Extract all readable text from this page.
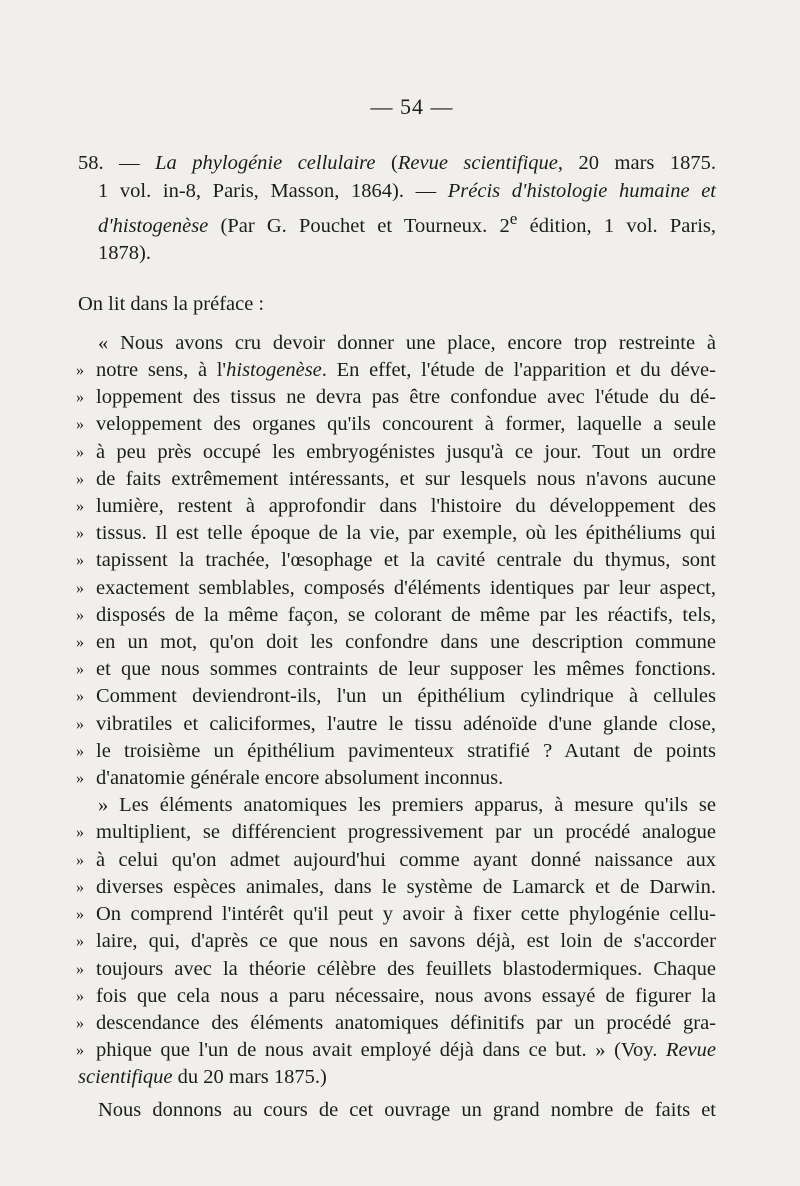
— 54 —
58. — La phylogénie cellulaire (Revue scientifique, 20 mars 1875.
1 vol. in-8, Paris, Masson, 1864). — Précis d'histologie humaine et
d'histogenèse (Par G. Pouchet et Tourneux. 2e édition, 1 vol. Paris,
1878).
On lit dans la préface :
« Nous avons cru devoir donner une place, encore trop restreinte à
» notre sens, à l'histogenèse. En effet, l'étude de l'apparition et du déve-
» loppement des tissus ne devra pas être confondue avec l'étude du dé-
» veloppement des organes qu'ils concourent à former, laquelle a seule
» à peu près occupé les embryogénistes jusqu'à ce jour. Tout un ordre
» de faits extrêmement intéressants, et sur lesquels nous n'avons aucune
» lumière, restent à approfondir dans l'histoire du développement des
» tissus. Il est telle époque de la vie, par exemple, où les épithéliums qui
» tapissent la trachée, l'œsophage et la cavité centrale du thymus, sont
» exactement semblables, composés d'éléments identiques par leur aspect,
» disposés de la même façon, se colorant de même par les réactifs, tels,
» en un mot, qu'on doit les confondre dans une description commune
» et que nous sommes contraints de leur supposer les mêmes fonctions.
» Comment deviendront-ils, l'un un épithélium cylindrique à cellules
» vibratiles et caliciformes, l'autre le tissu adénoïde d'une glande close,
» le troisième un épithélium pavimenteux stratifié ? Autant de points
» d'anatomie générale encore absolument inconnus.
» Les éléments anatomiques les premiers apparus, à mesure qu'ils se
» multiplient, se différencient progressivement par un procédé analogue
» à celui qu'on admet aujourd'hui comme ayant donné naissance aux
» diverses espèces animales, dans le système de Lamarck et de Darwin.
» On comprend l'intérêt qu'il peut y avoir à fixer cette phylogénie cellu-
» laire, qui, d'après ce que nous en savons déjà, est loin de s'accorder
» toujours avec la théorie célèbre des feuillets blastodermiques. Chaque
» fois que cela nous a paru nécessaire, nous avons essayé de figurer la
» descendance des éléments anatomiques définitifs par un procédé gra-
» phique que l'un de nous avait employé déjà dans ce but. » (Voy. Revue
scientifique du 20 mars 1875.)
Nous donnons au cours de cet ouvrage un grand nombre de faits et
